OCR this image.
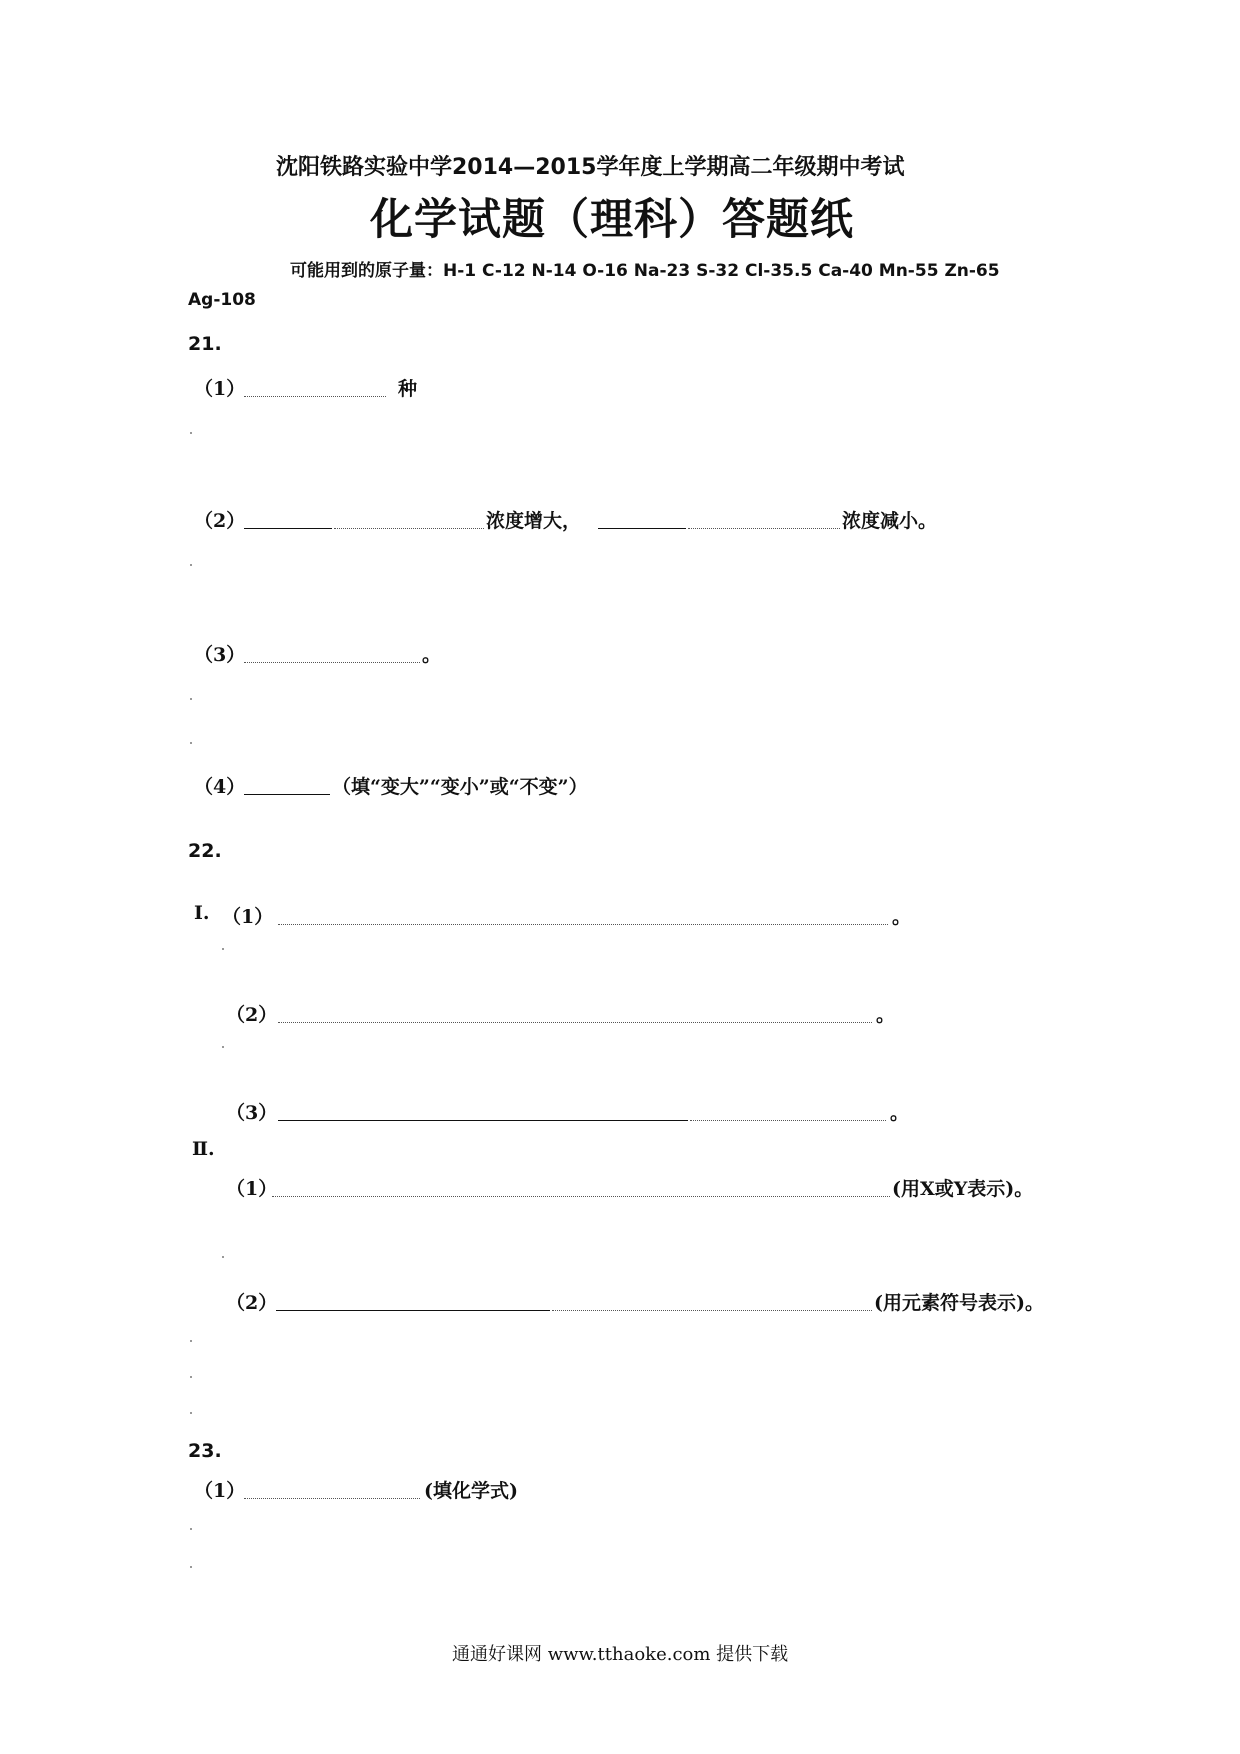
沈阳铁路实验中学2014—2015学年度上学期高二年级期中考试
化学试题（理科）答题纸
可能用到的原子量：H-1 C-12 N-14 O-16 Na-23 S-32 Cl-35.5 Ca-40 Mn-55 Zn-65
Ag-108
21.
（1）	种
（2）	浓度增大，	浓度减小。
（3）	。
（4）	（填“变大”“变小”或“不变”）
22.
Ⅰ. （1）	。
（2）	。
（3）	。
Ⅱ.
（1）	(用X或Y表示)。
（2）	(用元素符号表示)。
23.
（1）	(填化学式)
通通好课网 www.tthaoke.com 提供下载
